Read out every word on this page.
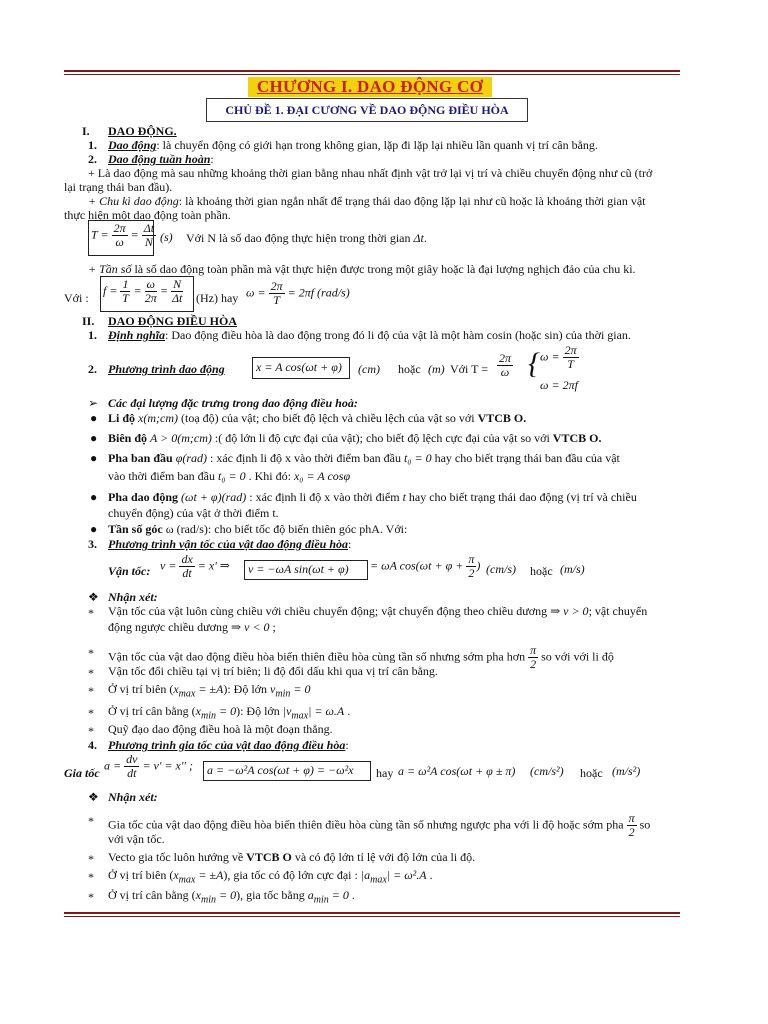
CHƯƠNG I. DAO ĐỘNG CƠ
CHỦ ĐỀ 1. ĐẠI CƯƠNG VỀ DAO ĐỘNG ĐIỀU HÒA
I. DAO ĐỘNG.
1. Dao động: là chuyển động có giới hạn trong không gian, lặp đi lặp lại nhiều lần quanh vị trí cân bằng.
2. Dao động tuần hoàn:
+ Là dao động mà sau những khoảng thời gian bằng nhau nhất định vật trở lại vị trí và chiều chuyển động như cũ (trở
lại trạng thái ban đầu).
+ Chu kì dao động: là khoảng thời gian ngắn nhất để trạng thái dao động lặp lại như cũ hoặc là khoảng thời gian vật
thực hiện một dao động toàn phần.
$T = \frac{2\pi}{\omega} = \frac{\Delta t}{N} (s)$ Với N là số dao động thực hiện trong thời gian Δt.
+ Tần số là số dao động toàn phần mà vật thực hiện được trong một giây hoặc là đại lượng nghịch đảo của chu kì.
Với :
$f = \frac{1}{T} = \frac{\omega}{2\pi} = \frac{N}{\Delta t} (Hz)$ hay $\omega = \frac{2\pi}{T} = 2\pi f$ (rad/s)
II. DAO ĐỘNG ĐIỀU HÒA
1. Định nghĩa: Dao động điều hòa là dao động trong đó li độ của vật là một hàm cosin (hoặc sin) của thời gian.
2. Phương trình dao động	x = A cos(ωt + φ) (cm) hoặc (m) Với $T = \frac{2\pi}{\omega}$ { $\omega = \frac{2\pi}{T}$
ω = 2πf
➢ Các đại lượng đặc trưng trong dao động điều hoà:
● Li độ x(m;cm) (toạ độ) của vật; cho biết độ lệch và chiều lệch của vật so với VTCB O.
● Biên độ A > 0(m;cm) :( độ lớn li độ cực đại của vật); cho biết độ lệch cực đại của vật so với VTCB O.
● Pha ban đầu φ(rad) : xác định li độ x vào thời điểm ban đầu t₀ = 0 hay cho biết trạng thái ban đầu của vật
vào thời điểm ban đầu t₀ = 0 . Khi đó: x₀ = A cosφ
● Pha dao động (ωt + φ)(rad) : xác định li độ x vào thời điểm t hay cho biết trạng thái dao động (vị trí và chiều
chuyển động) của vật ở thời điểm t.
● Tần số góc ω (rad/s): cho biết tốc độ biến thiên góc phA. Với:
3. Phương trình vận tốc của vật dao động điều hòa:
Vận tốc: $v = \frac{dx}{dt} = x'$ ⇒ v = −ωA sin(ωt + φ) = ωA $\cos(\omega t + \varphi + \frac{\pi}{2}$ ) (cm/s) hoặc (m/s)
❖ Nhận xét:
* Vận tốc của vật luôn cùng chiều với chiều chuyển động; vật chuyển động theo chiều dương ⇒ v > 0; vật chuyển
động ngược chiều dương ⇒ v < 0 ;
* Vận tốc của vật dao động điều hòa biến thiên điều hòa cùng tần số nhưng sớm pha hơn $\frac{\pi}{2}$ so với với li độ
* Vận tốc đổi chiều tại vị trí biên; li độ đổi dấu khi qua vị trí cân bằng.
* Ở vị trí biên $(x_{max} = \pm A)$: Độ lớn $v_{min} = 0$
* Ở vị trí cân bằng $(x_{min} = 0)$: Độ lớn $|v_{max}| = \omega.A$ .
* Quỹ đạo dao động điều hoà là một đoạn thẳng.
4. Phương trình gia tốc của vật dao động điều hòa:
Gia tốc
$a = \frac{dv}{dt} = v' = x''$ ; a = −ω²A cos(ωt + φ) = −ω²x hay a = ω²A cos(ωt + φ ± π) (cm/s²) hoặc (m/s²)
❖ Nhận xét:
* Gia tốc của vật dao động điều hòa biến thiên điều hòa cùng tần số nhưng ngược pha với li độ hoặc sớm pha $\frac{\pi}{2}$ so
với vận tốc.
* Vecto gia tốc luôn hướng về VTCB O và có độ lớn tỉ lệ với độ lớn của li độ.
* Ở vị trí biên $(x_{max} = \pm A)$, gia tốc có độ lớn cực đại : $|a_{max}| = \omega^2.A$ .
* Ở vị trí cân bằng $(x_{min} = 0)$, gia tốc bằng $a_{min} = 0$ .
